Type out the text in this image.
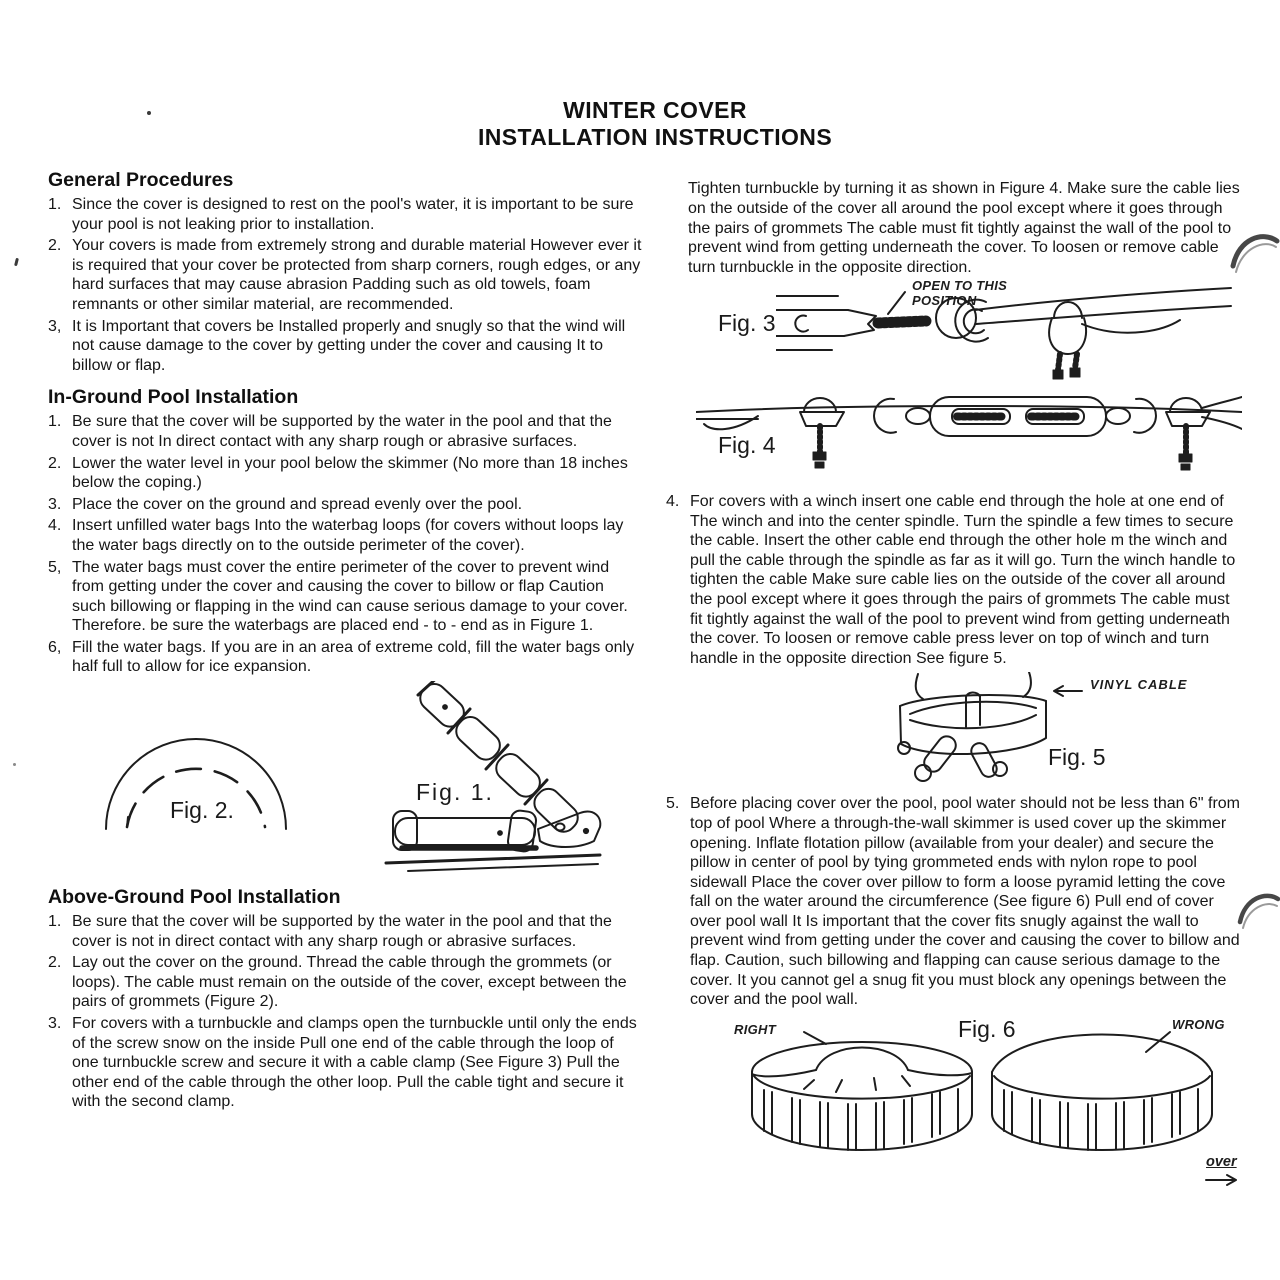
WINTER COVER
INSTALLATION INSTRUCTIONS
General Procedures
1. Since the cover is designed to rest on the pool's water, it is important to be sure your pool is not leaking prior to installation.
2. Your covers is made from extremely strong and durable material However ever it is required that your cover be protected from sharp corners, rough edges, or any hard surfaces that may cause abrasion Padding such as old towels, foam remnants or other similar material, are recommended.
3, It is Important that covers be Installed properly and snugly so that the wind will not cause damage to the cover by getting under the cover and causing It to billow or flap.
In-Ground Pool Installation
1. Be sure that the cover will be supported by the water in the pool and that the cover is not In direct contact with any sharp rough or abrasive surfaces.
2. Lower the water level in your pool below the skimmer (No more than 18 inches below the coping.)
3. Place the cover on the ground and spread evenly over the pool.
4. Insert unfilled water bags Into the waterbag loops (for covers without loops lay the water bags directly on to the outside perimeter of the cover).
5, The water bags must cover the entire perimeter of the cover to prevent wind from getting under the cover and causing the cover to billow or flap Caution such billowing or flapping in the wind can cause serious damage to your cover. Therefore. be sure the waterbags are placed end - to - end as in Figure 1.
6, Fill the water bags. If you are in an area of extreme cold, fill the water bags only half full to allow for ice expansion.
Fig. 2.
Fig. 1.
Above-Ground Pool Installation
1. Be sure that the cover will be supported by the water in the pool and that the cover is not in direct contact with any sharp rough or abrasive surfaces.
2. Lay out the cover on the ground. Thread the cable through the grommets (or loops). The cable must remain on the outside of the cover, except between the pairs of grommets (Figure 2).
3. For covers with a turnbuckle and clamps open the turnbuckle until only the ends of the screw snow on the inside Pull one end of the cable through the loop of one turnbuckle screw and secure it with a cable clamp (See Figure 3) Pull the other end of the cable through the other loop. Pull the cable tight and secure it with the second clamp.
Tighten turnbuckle by turning it as shown in Figure 4. Make sure the cable lies on the outside of the cover all around the pool except where it goes through the pairs of grommets The cable must fit tightly against the wall of the pool to prevent wind from getting underneath the cover. To loosen or remove cable turn turnbuckle in the opposite direction.
Fig. 3
OPEN TO THIS POSITION
Fig. 4
4. For covers with a winch insert one cable end through the hole at one end of The winch and into the center spindle. Turn the spindle a few times to secure the cable. Insert the other cable end through the other hole m the winch and pull the cable through the spindle as far as it will go. Turn the winch handle to tighten the cable Make sure cable lies on the outside of the cover all around the pool except where it goes through the pairs of grommets The cable must fit tightly against the wall of the pool to prevent wind from getting underneath the cover. To loosen or remove cable press lever on top of winch and turn handle in the opposite direction See figure 5.
VINYL CABLE
Fig. 5
5. Before placing cover over the pool, pool water should not be less than 6" from top of pool Where a through-the-wall skimmer is used cover up the skimmer opening. Inflate flotation pillow (available from your dealer) and secure the pillow in center of pool by tying grommeted ends with nylon rope to pool sidewall Place the cover over pillow to form a loose pyramid letting the cove fall on the water around the circumference (See figure 6) Pull end of cover over pool wall It Is important that the cover fits snugly against the wall to prevent wind from getting under the cover and causing the cover to billow and flap. Caution, such billowing and flapping can cause serious damage to the cover. It you cannot gel a snug fit you must block any openings between the cover and the pool wall.
RIGHT	Fig. 6	WRONG
over
